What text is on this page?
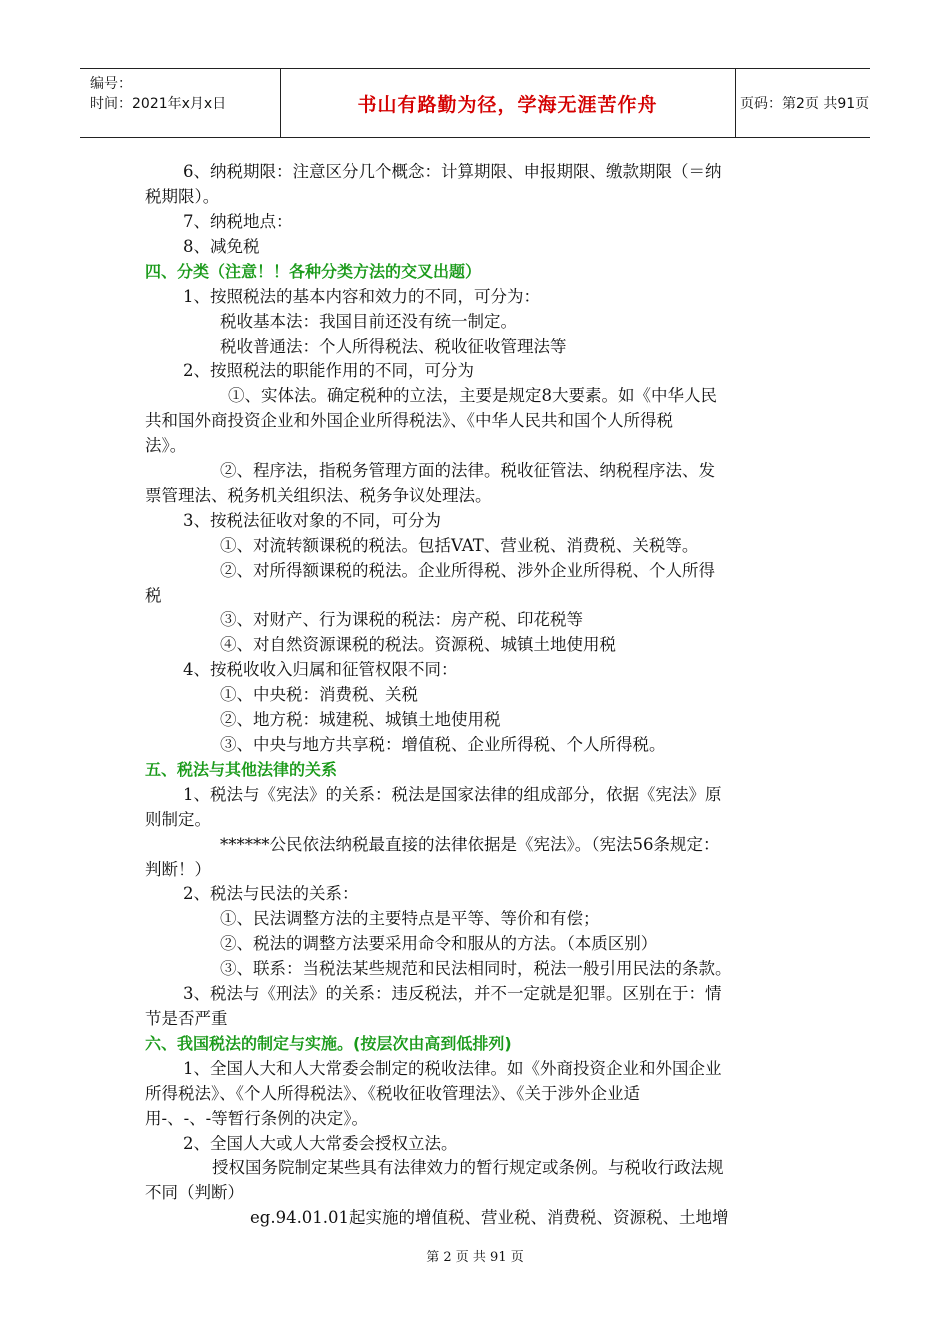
编号：
时间：2021年x月x日	书山有路勤为径，学海无涯苦作舟	页码：第2页 共91页
6、纳税期限：注意区分几个概念：计算期限、申报期限、缴款期限（＝纳
税期限）。
7、纳税地点：
8、减免税
四、分类（注意！！各种分类方法的交叉出题）
1、按照税法的基本内容和效力的不同，可分为：
税收基本法：我国目前还没有统一制定。
税收普通法：个人所得税法、税收征收管理法等
2、按照税法的职能作用的不同，可分为
①、实体法。确定税种的立法，主要是规定8大要素。如《中华人民
共和国外商投资企业和外国企业所得税法》、《中华人民共和国个人所得税
法》。
②、程序法，指税务管理方面的法律。税收征管法、纳税程序法、发
票管理法、税务机关组织法、税务争议处理法。
3、按税法征收对象的不同，可分为
①、对流转额课税的税法。包括VAT、营业税、消费税、关税等。
②、对所得额课税的税法。企业所得税、涉外企业所得税、个人所得
税
③、对财产、行为课税的税法：房产税、印花税等
④、对自然资源课税的税法。资源税、城镇土地使用税
4、按税收收入归属和征管权限不同：
①、中央税：消费税、关税
②、地方税：城建税、城镇土地使用税
③、中央与地方共享税：增值税、企业所得税、个人所得税。
五、税法与其他法律的关系
1、税法与《宪法》的关系：税法是国家法律的组成部分，依据《宪法》原
则制定。
******公民依法纳税最直接的法律依据是《宪法》。（宪法56条规定：
判断！）
2、税法与民法的关系：
①、民法调整方法的主要特点是平等、等价和有偿；
②、税法的调整方法要采用命令和服从的方法。（本质区别）
③、联系：当税法某些规范和民法相同时，税法一般引用民法的条款。
3、税法与《刑法》的关系：违反税法，并不一定就是犯罪。区别在于：情
节是否严重
六、我国税法的制定与实施。(按层次由高到低排列)
1、全国人大和人大常委会制定的税收法律。如《外商投资企业和外国企业
所得税法》、《个人所得税法》、《税收征收管理法》、《关于涉外企业适
用-、-、-等暂行条例的决定》。
2、全国人大或人大常委会授权立法。
授权国务院制定某些具有法律效力的暂行规定或条例。与税收行政法规
不同（判断）
eg.94.01.01起实施的增值税、营业税、消费税、资源税、土地增
第 2 页 共 91 页
